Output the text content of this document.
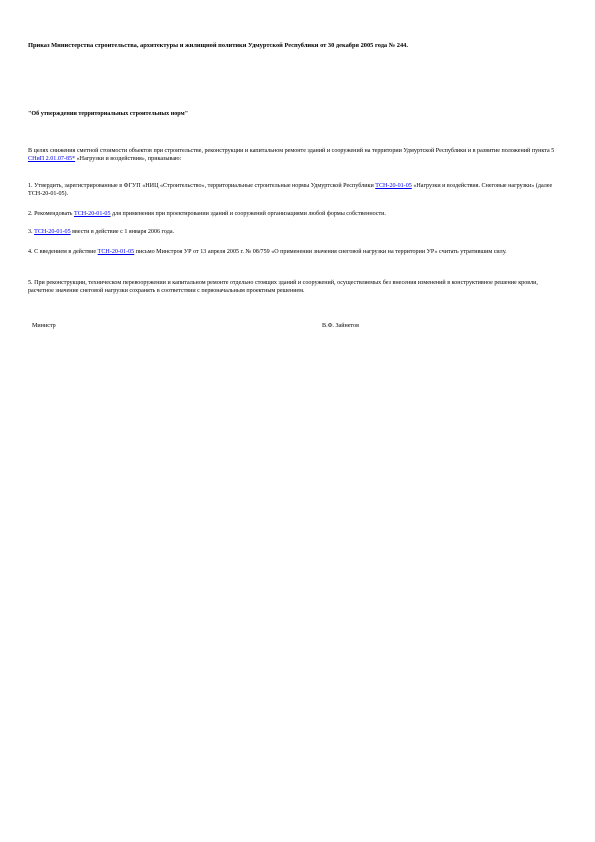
Приказ Министерства строительства, архитектуры и жилищной политики Удмуртской Республики от 30 декабря 2005 года № 244.

"Об утверждении территориальных строительных норм"

В целях снижения сметной стоимости объектов при строительстве, реконструкции и капитальном ремонте зданий и сооружений на территории Удмуртской Республики и в развитие положений пункта 5 СНиП 2.01.07-85* «Нагрузки и воздействия», приказываю:

1. Утвердить, зарегистрированные в ФГУП «НИЦ «Строительство», территориальные строительные нормы Удмуртской Республики ТСН-20-01-05 «Нагрузки и воздействия. Снеговые нагрузки» (далее ТСН-20-01-05).

2. Рекомендовать ТСН-20-01-05 для применения при проектировании зданий и сооружений организациями любой формы собственности.

3. ТСН-20-01-05 ввести в действие с 1 января 2006 года.

4. С введением в действие ТСН-20-01-05 письмо Минстроя УР от 13 апреля 2005 г. № 08/759 «О применении значения снеговой нагрузки на территории УР» считать утратившим силу.

5. При реконструкции, техническом перевооружении и капитальном ремонте отдельно стоящих зданий и сооружений, осуществляемых без внесения изменений в конструктивное решение кровли, расчетное значение снеговой нагрузки сохранять в соответствии с первоначальным проектным решением.

Министр	В.Ф. Зайнетов
